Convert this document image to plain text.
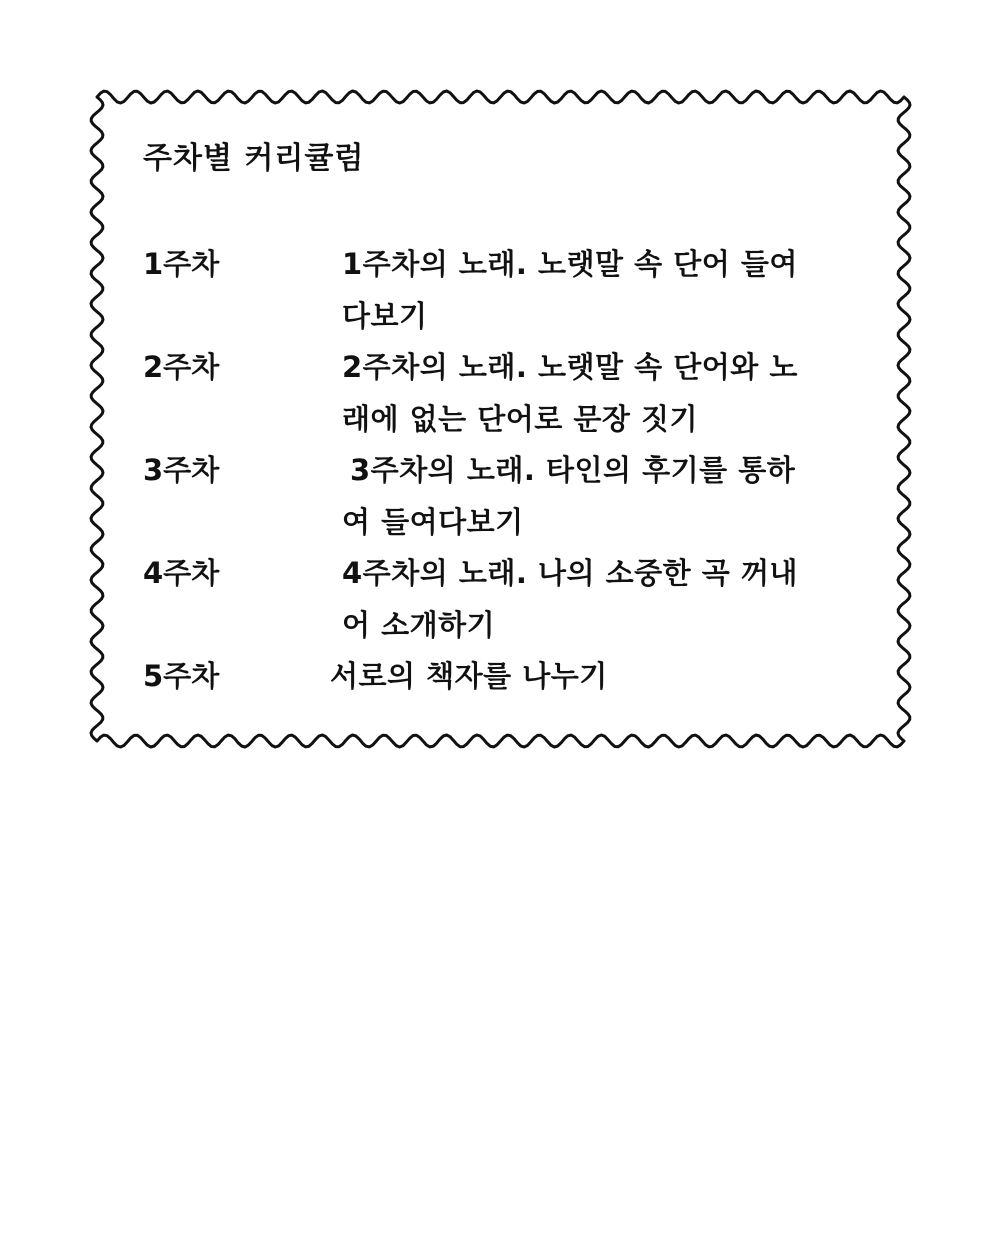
주차별 커리큘럼
1주차	1주차의 노래. 노랫말 속 단어 들여
다보기
2주차	2주차의 노래. 노랫말 속 단어와 노
래에 없는 단어로 문장 짓기
3주차	3주차의 노래. 타인의 후기를 통하
여 들여다보기
4주차	4주차의 노래. 나의 소중한 곡 꺼내
어 소개하기
5주차	서로의 책자를 나누기
